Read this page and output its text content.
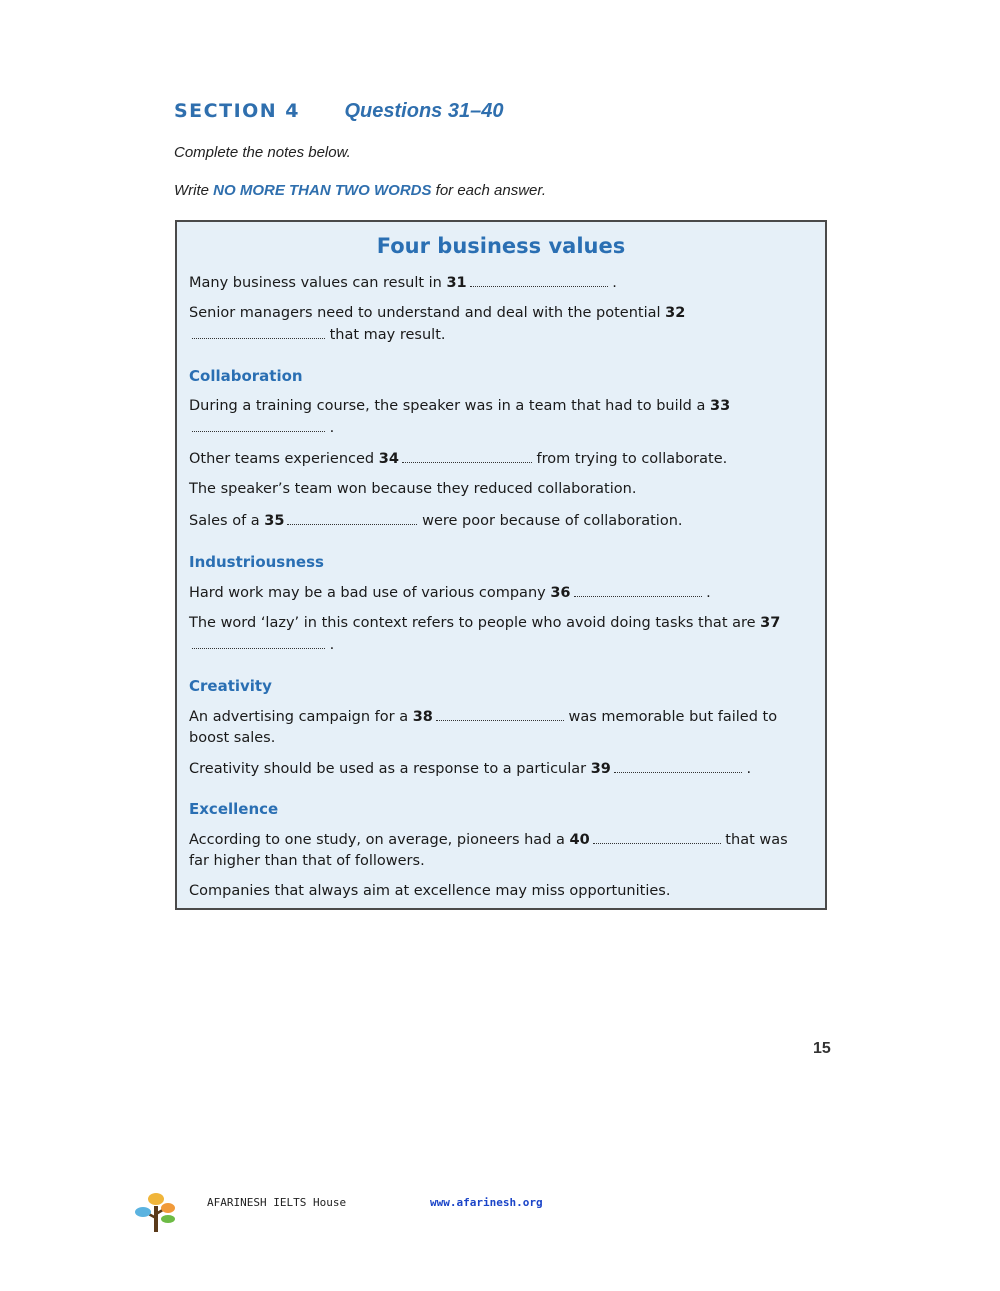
SECTION 4 Questions 31–40
Complete the notes below.
Write NO MORE THAN TWO WORDS for each answer.
Four business values
Many business values can result in 31	.
Senior managers need to understand and deal with the potential 32 that may result.
Collaboration
During a training course, the speaker was in a team that had to build a 33 .
Other teams experienced 34	from trying to collaborate.
The speaker’s team won because they reduced collaboration.
Sales of a 35	were poor because of collaboration.
Industriousness
Hard work may be a bad use of various company 36	.
The word ‘lazy’ in this context refers to people who avoid doing tasks that are 37 .
Creativity
An advertising campaign for a 38	was memorable but failed to boost sales.
Creativity should be used as a response to a particular 39	.
Excellence
According to one study, on average, pioneers had a 40	that was far higher than that of followers.
Companies that always aim at excellence may miss opportunities.
15
AFARINESH IELTS House	www.afarinesh.org
